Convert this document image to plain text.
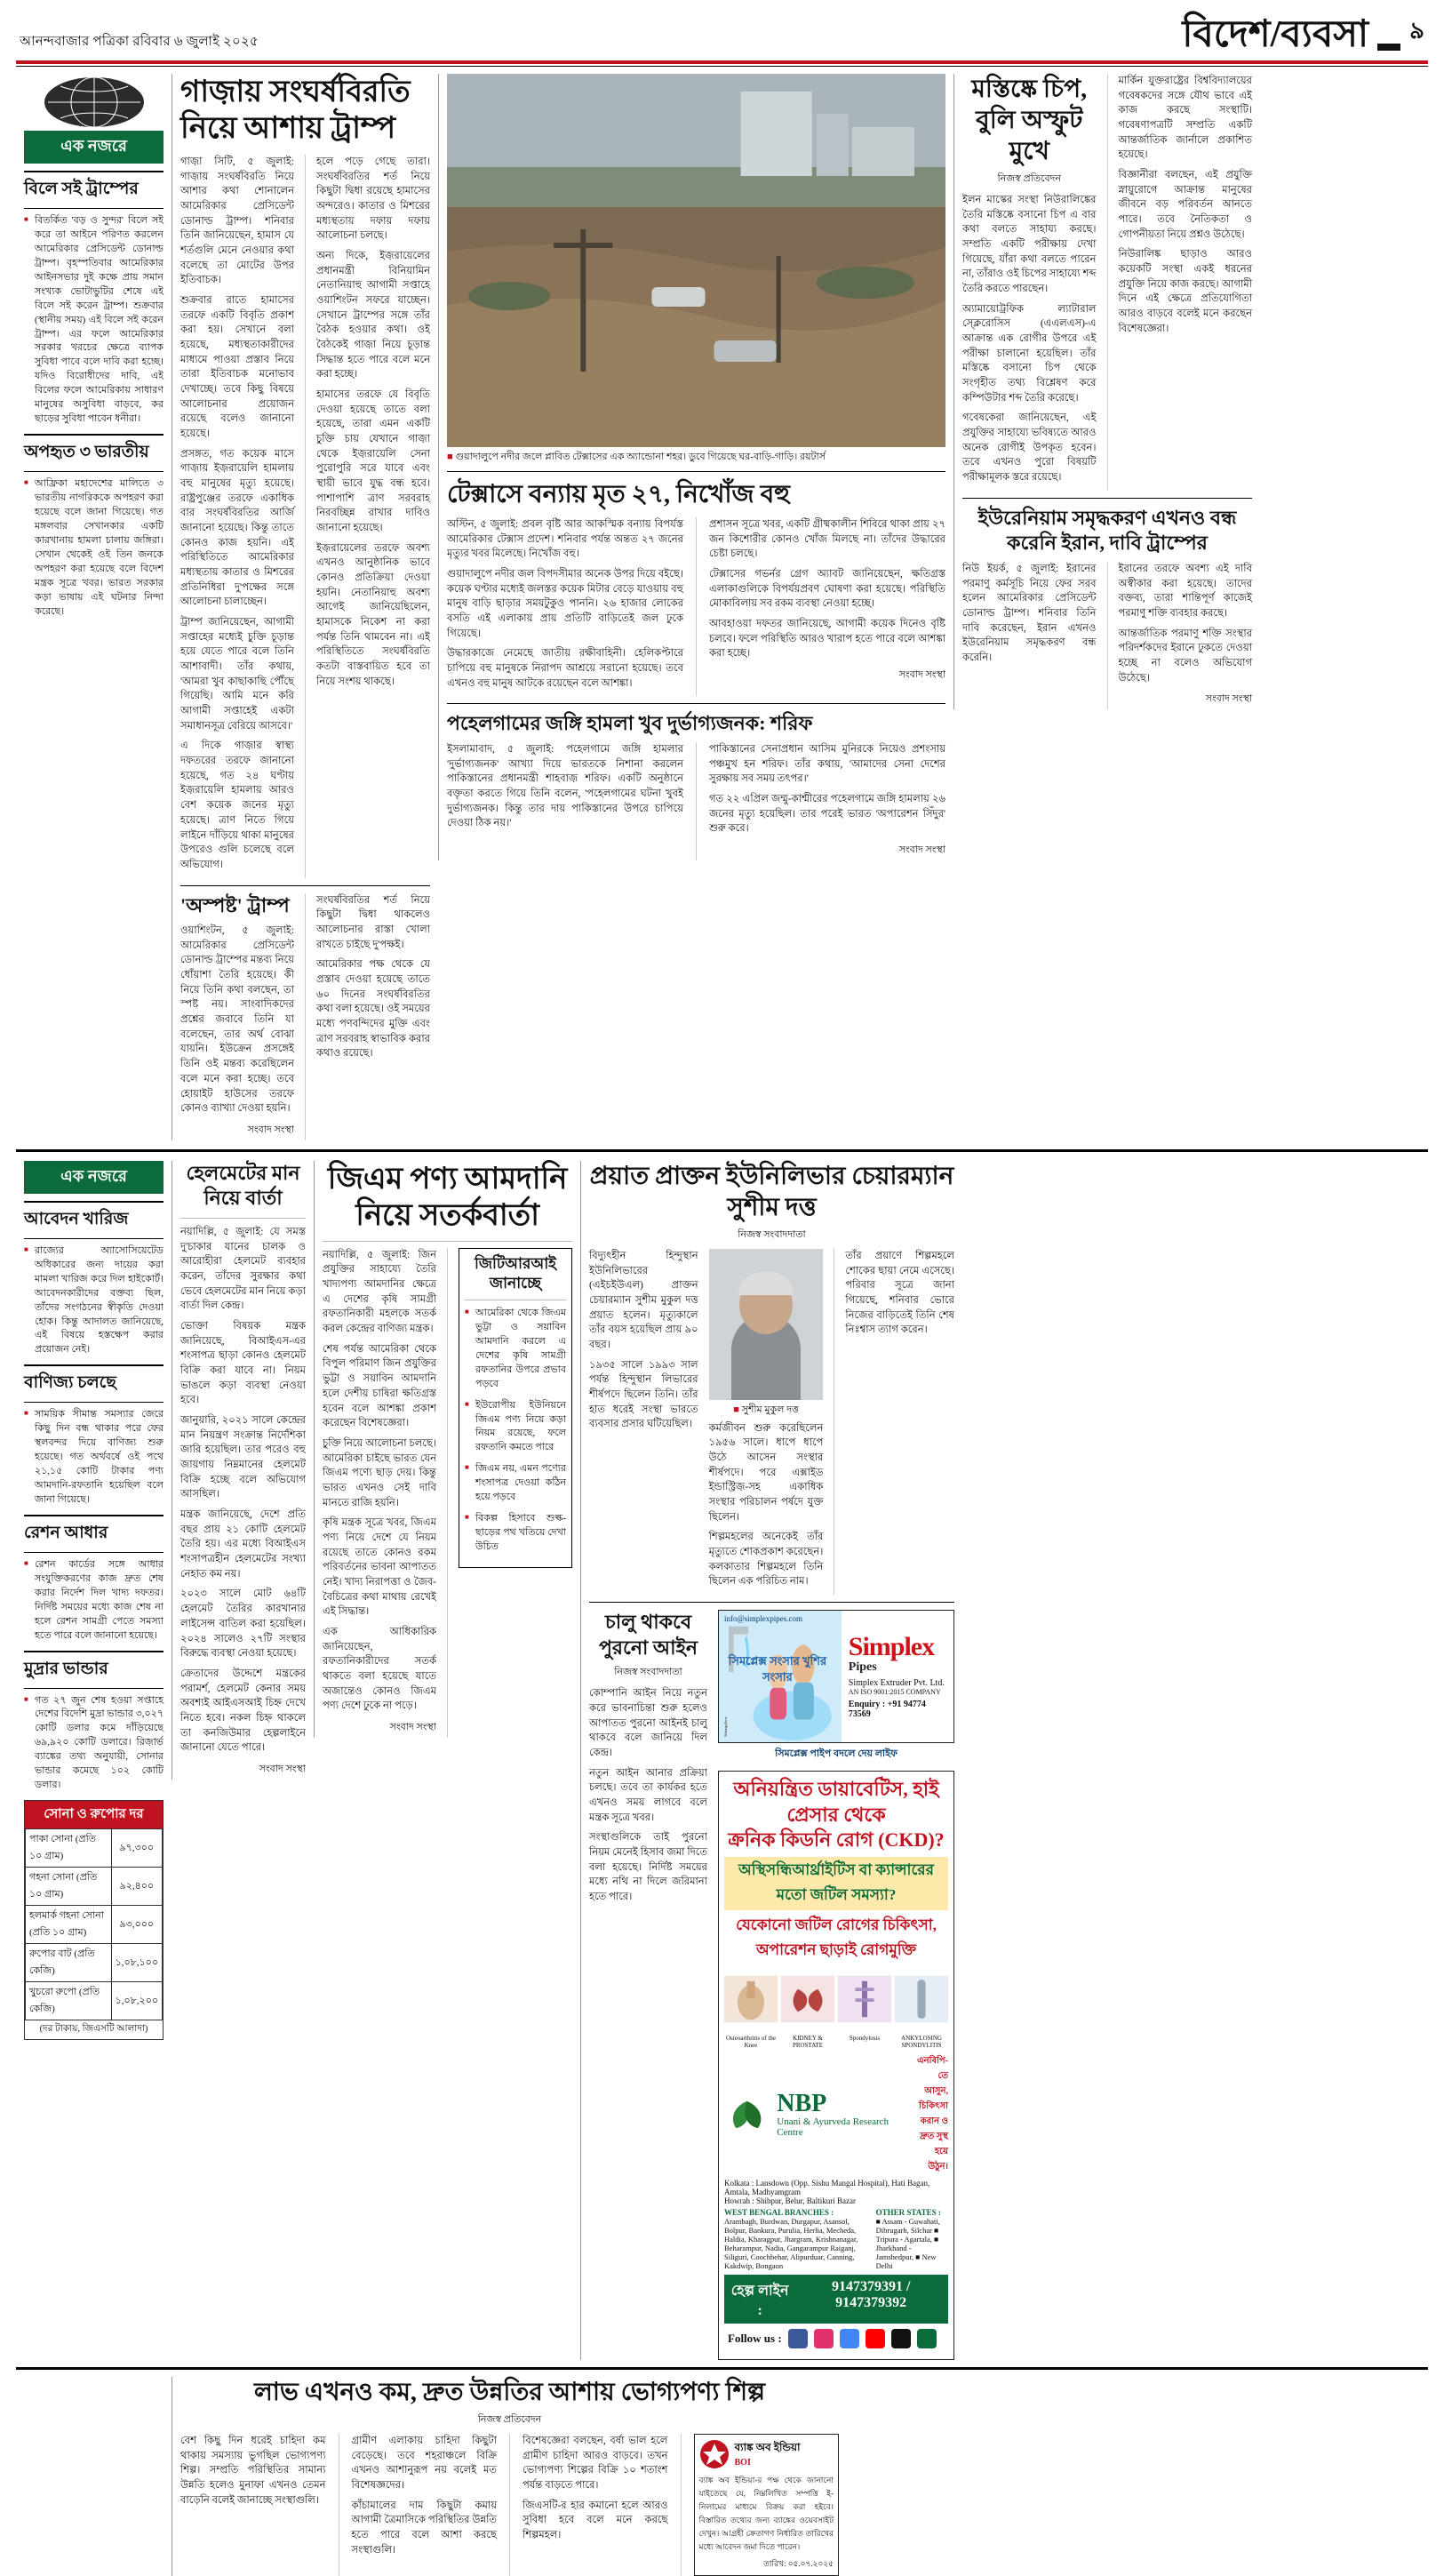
আনন্দবাজার পত্রিকা রবিবার ৬ জুলাই ২০২৫	বিদেশ/ব্যবসা ৯
এক নজরে
বিলে সই ট্রাম্পের
■ বিতর্কিত 'বড় ও সুন্দর' বিলে সই করে তা আইনে পরিণত করলেন আমেরিকার প্রেসিডেন্ট ডোনাল্ড ট্রাম্প। বৃহস্পতিবার আমেরিকার আইনসভার দুই কক্ষে প্রায় সমান সংখ্যক ভোটাভুটির শেষে এই বিলে সই করেন ট্রাম্প। শুক্রবার (স্থানীয় সময়) এই বিলে সই করেন ট্রাম্প। এর ফলে আমেরিকার সরকার খরচের ক্ষেত্রে ব্যাপক সুবিধা পাবে বলে দাবি করা হচ্ছে। যদিও বিরোধীদের দাবি, এই বিলের ফলে আমেরিকায় সাধারণ মানুষের অসুবিধা বাড়বে, কর ছাড়ের সুবিধা পাবেন ধনীরা।
অপহৃত ৩ ভারতীয়
■ আফ্রিকা মহাদেশের মালিতে ৩ ভারতীয় নাগরিককে অপহরণ করা হয়েছে বলে জানা গিয়েছে। গত মঙ্গলবার সেখানকার একটি কারখানায় হামলা চালায় জঙ্গিরা। সেখান থেকেই ওই তিন জনকে অপহরণ করা হয়েছে বলে বিদেশ মন্ত্রক সূত্রে খবর। ভারত সরকার কড়া ভাষায় এই ঘটনার নিন্দা করেছে।
গাজ়ায় সংঘর্ষবিরতি নিয়ে আশায় ট্রাম্প

গাজ়া সিটি, ৫ জুলাই: গাজ়ায় সংঘর্ষবিরতি নিয়ে আশার কথা শোনালেন আমেরিকার প্রেসিডেন্ট ডোনাল্ড ট্রাম্প। শনিবার তিনি জানিয়েছেন, হামাস যে শর্তগুলি মেনে নেওয়ার কথা বলেছে তা মোটের উপর ইতিবাচক।

শুক্রবার রাতে হামাসের তরফে একটি বিবৃতি প্রকাশ করা হয়। সেখানে বলা হয়েছে, মধ্যস্থতাকারীদের মাধ্যমে পাওয়া প্রস্তাব নিয়ে তারা ইতিবাচক মনোভাব দেখাচ্ছে। তবে কিছু বিষয়ে আলোচনার প্রয়োজন রয়েছে বলেও জানানো হয়েছে।

প্রসঙ্গত, গত কয়েক মাসে গাজ়ায় ইজ়রায়েলি হামলায় বহু মানুষের মৃত্যু হয়েছে। রাষ্ট্রপুঞ্জের তরফে একাধিক বার সংঘর্ষবিরতির আর্জি জানানো হয়েছে। কিন্তু তাতে কোনও কাজ হয়নি। এই পরিস্থিতিতে আমেরিকার মধ্যস্থতায় কাতার ও মিশরের প্রতিনিধিরা দু'পক্ষের সঙ্গে আলোচনা চালাচ্ছেন।

ট্রাম্প জানিয়েছেন, আগামী সপ্তাহের মধ্যেই চুক্তি চূড়ান্ত হয়ে যেতে পারে বলে তিনি আশাবাদী। তাঁর কথায়, 'আমরা খুব কাছাকাছি পৌঁছে গিয়েছি। আমি মনে করি আগামী সপ্তাহেই একটা সমাধানসূত্র বেরিয়ে আসবে।'

এ দিকে গাজ়ার স্বাস্থ্য দফতরের তরফে জানানো হয়েছে, গত ২৪ ঘণ্টায় ইজ়রায়েলি হামলায় আরও বেশ কয়েক জনের মৃত্যু হয়েছে। ত্রাণ নিতে গিয়ে লাইনে দাঁড়িয়ে থাকা মানুষের উপরেও গুলি চলেছে বলে অভিযোগ।

হলে পড়ে গেছে তারা। সংঘর্ষবিরতির শর্ত নিয়ে কিছুটা দ্বিধা রয়েছে হামাসের অন্দরেও। কাতার ও মিশরের মধ্যস্থতায় দফায় দফায় আলোচনা চলছে।

অন্য দিকে, ইজ়রায়েলের প্রধানমন্ত্রী বিনিয়ামিন নেতানিয়াহু আগামী সপ্তাহে ওয়াশিংটন সফরে যাচ্ছেন। সেখানে ট্রাম্পের সঙ্গে তাঁর বৈঠক হওয়ার কথা। ওই বৈঠকেই গাজ়া নিয়ে চূড়ান্ত সিদ্ধান্ত হতে পারে বলে মনে করা হচ্ছে।

হামাসের তরফে যে বিবৃতি দেওয়া হয়েছে তাতে বলা হয়েছে, তারা এমন একটি চুক্তি চায় যেখানে গাজ়া থেকে ইজ়রায়েলি সেনা পুরোপুরি সরে যাবে এবং স্থায়ী ভাবে যুদ্ধ বন্ধ হবে। পাশাপাশি ত্রাণ সরবরাহ নিরবচ্ছিন্ন রাখার দাবিও জানানো হয়েছে।

ইজ়রায়েলের তরফে অবশ্য এখনও আনুষ্ঠানিক ভাবে কোনও প্রতিক্রিয়া দেওয়া হয়নি। নেতানিয়াহু অবশ্য আগেই জানিয়েছিলেন, হামাসকে নিকেশ না করা পর্যন্ত তিনি থামবেন না। এই পরিস্থিতিতে সংঘর্ষবিরতি কতটা বাস্তবায়িত হবে তা নিয়ে সংশয় থাকছে।

'অস্পষ্ট' ট্রাম্প

ওয়াশিংটন, ৫ জুলাই: আমেরিকার প্রেসিডেন্ট ডোনাল্ড ট্রাম্পের মন্তব্য নিয়ে ধোঁয়াশা তৈরি হয়েছে। কী নিয়ে তিনি কথা বলছেন, তা স্পষ্ট নয়। সাংবাদিকদের প্রশ্নের জবাবে তিনি যা বলেছেন, তার অর্থ বোঝা যায়নি। ইউক্রেন প্রসঙ্গেই তিনি ওই মন্তব্য করেছিলেন বলে মনে করা হচ্ছে। তবে হোয়াইট হাউসের তরফে কোনও ব্যাখ্যা দেওয়া হয়নি।

সংবাদ সংস্থা

সংঘর্ষবিরতির শর্ত নিয়ে কিছুটা দ্বিধা থাকলেও আলোচনার রাস্তা খোলা রাখতে চাইছে দু'পক্ষই।

আমেরিকার পক্ষ থেকে যে প্রস্তাব দেওয়া হয়েছে তাতে ৬০ দিনের সংঘর্ষবিরতির কথা বলা হয়েছে। ওই সময়ের মধ্যে পণবন্দিদের মুক্তি এবং ত্রাণ সরবরাহ স্বাভাবিক করার কথাও রয়েছে।

■ গুয়াদালুপে নদীর জলে প্লাবিত টেক্সাসের এক অ্যান্ডোনা শহর। ডুবে গিয়েছে ঘর-বাড়ি-গাড়ি। রয়টার্স
টেক্সাসে বন্যায় মৃত ২৭, নিখোঁজ বহু

অস্টিন, ৫ জুলাই: প্রবল বৃষ্টি আর আকস্মিক বন্যায় বিপর্যস্ত আমেরিকার টেক্সাস প্রদেশ। শনিবার পর্যন্ত অন্তত ২৭ জনের মৃত্যুর খবর মিলেছে। নিখোঁজ বহু।

গুয়াদালুপে নদীর জল বিপদসীমার অনেক উপর দিয়ে বইছে। কয়েক ঘণ্টার মধ্যেই জলস্তর কয়েক মিটার বেড়ে যাওয়ায় বহু মানুষ বাড়ি ছাড়ার সময়টুকুও পাননি। ২৬ হাজার লোকের বসতি এই এলাকায় প্রায় প্রতিটি বাড়িতেই জল ঢুকে গিয়েছে।

উদ্ধারকাজে নেমেছে জাতীয় রক্ষীবাহিনী। হেলিকপ্টারে চাপিয়ে বহু মানুষকে নিরাপদ আশ্রয়ে সরানো হয়েছে। তবে এখনও বহু মানুষ আটকে রয়েছেন বলে আশঙ্কা।

প্রশাসন সূত্রে খবর, একটি গ্রীষ্মকালীন শিবিরে থাকা প্রায় ২৭ জন কিশোরীর কোনও খোঁজ মিলছে না। তাঁদের উদ্ধারের চেষ্টা চলছে।

টেক্সাসের গভর্নর গ্রেগ অ্যাবট জানিয়েছেন, ক্ষতিগ্রস্ত এলাকাগুলিকে বিপর্যয়প্রবণ ঘোষণা করা হয়েছে। পরিস্থিতি মোকাবিলায় সব রকম ব্যবস্থা নেওয়া হচ্ছে।

আবহাওয়া দফতর জানিয়েছে, আগামী কয়েক দিনেও বৃষ্টি চলবে। ফলে পরিস্থিতি আরও খারাপ হতে পারে বলে আশঙ্কা করা হচ্ছে।

সংবাদ সংস্থা
পহেলগামের জঙ্গি হামলা খুব দুর্ভাগ্যজনক: শরিফ

ইসলামাবাদ, ৫ জুলাই: পহেলগামে জঙ্গি হামলার 'দুর্ভাগ্যজনক' আখ্যা দিয়ে ভারতকে নিশানা করলেন পাকিস্তানের প্রধানমন্ত্রী শাহবাজ় শরিফ। একটি অনুষ্ঠানে বক্তৃতা করতে গিয়ে তিনি বলেন, 'পহেলগামের ঘটনা খুবই দুর্ভাগ্যজনক। কিন্তু তার দায় পাকিস্তানের উপরে চাপিয়ে দেওয়া ঠিক নয়।'

পাকিস্তানের সেনাপ্রধান আসিম মুনিরকে নিয়েও প্রশংসায় পঞ্চমুখ হন শরিফ। তাঁর কথায়, 'আমাদের সেনা দেশের সুরক্ষায় সব সময় তৎপর।'

গত ২২ এপ্রিল জম্মু-কাশ্মীরের পহেলগামে জঙ্গি হামলায় ২৬ জনের মৃত্যু হয়েছিল। তার পরেই ভারত 'অপারেশন সিঁদুর' শুরু করে।

সংবাদ সংস্থা
মস্তিষ্কে চিপ, বুলি অস্ফুট মুখে
নিজস্ব প্রতিবেদন

ইলন মাস্কের সংস্থা নিউরালিঙ্কের তৈরি মস্তিষ্কে বসানো চিপ এ বার কথা বলতে সাহায্য করছে। সম্প্রতি একটি পরীক্ষায় দেখা গিয়েছে, যাঁরা কথা বলতে পারেন না, তাঁরাও ওই চিপের সাহায্যে শব্দ তৈরি করতে পারছেন।

অ্যামায়োট্রফিক ল্যাটারাল স্ক্লেরোসিস (এএলএস)-এ আক্রান্ত এক রোগীর উপরে এই পরীক্ষা চালানো হয়েছিল। তাঁর মস্তিষ্কে বসানো চিপ থেকে সংগৃহীত তথ্য বিশ্লেষণ করে কম্পিউটার শব্দ তৈরি করেছে।

গবেষকেরা জানিয়েছেন, এই প্রযুক্তির সাহায্যে ভবিষ্যতে আরও অনেক রোগীই উপকৃত হবেন। তবে এখনও পুরো বিষয়টি পরীক্ষামূলক স্তরে রয়েছে।

মার্কিন যুক্তরাষ্ট্রের বিশ্ববিদ্যালয়ের গবেষকদের সঙ্গে যৌথ ভাবে এই কাজ করছে সংস্থাটি। গবেষণাপত্রটি সম্প্রতি একটি আন্তর্জাতিক জার্নালে প্রকাশিত হয়েছে।

বিজ্ঞানীরা বলছেন, এই প্রযুক্তি স্নায়ুরোগে আক্রান্ত মানুষের জীবনে বড় পরিবর্তন আনতে পারে। তবে নৈতিকতা ও গোপনীয়তা নিয়ে প্রশ্নও উঠেছে।

নিউরালিঙ্ক ছাড়াও আরও কয়েকটি সংস্থা একই ধরনের প্রযুক্তি নিয়ে কাজ করছে। আগামী দিনে এই ক্ষেত্রে প্রতিযোগিতা আরও বাড়বে বলেই মনে করছেন বিশেষজ্ঞেরা।

ইউরেনিয়াম সমৃদ্ধকরণ এখনও বন্ধ করেনি ইরান, দাবি ট্রাম্পের

নিউ ইয়র্ক, ৫ জুলাই: ইরানের পরমাণু কর্মসূচি নিয়ে ফের সরব হলেন আমেরিকার প্রেসিডেন্ট ডোনাল্ড ট্রাম্প। শনিবার তিনি দাবি করেছেন, ইরান এখনও ইউরেনিয়াম সমৃদ্ধকরণ বন্ধ করেনি।

ইরানের তরফে অবশ্য এই দাবি অস্বীকার করা হয়েছে। তাদের বক্তব্য, তারা শান্তিপূর্ণ কাজেই পরমাণু শক্তি ব্যবহার করছে।

আন্তর্জাতিক পরমাণু শক্তি সংস্থার পরিদর্শকদের ইরানে ঢুকতে দেওয়া হচ্ছে না বলেও অভিযোগ উঠেছে।

সংবাদ সংস্থা
এক নজরে
আবেদন খারিজ
■ রাজ্যের অ্যাসোসিয়েটেড অধিকারের জন্য দায়ের করা মামলা খারিজ করে দিল হাইকোর্ট। আবেদনকারীদের বক্তব্য ছিল, তাঁদের সংগঠনের স্বীকৃতি দেওয়া হোক। কিন্তু আদালত জানিয়েছে, এই বিষয়ে হস্তক্ষেপ করার প্রয়োজন নেই।
বাণিজ্য চলছে
■ সাময়িক সীমান্ত সমস্যার জেরে কিছু দিন বন্ধ থাকার পরে ফের স্থলবন্দর দিয়ে বাণিজ্য শুরু হয়েছে। গত অর্থবর্ষে ওই পথে ২১,১৫ কোটি টাকার পণ্য আমদানি-রফতানি হয়েছিল বলে জানা গিয়েছে।
রেশন আধার
■ রেশন কার্ডের সঙ্গে আধার সংযুক্তিকরণের কাজ দ্রুত শেষ করার নির্দেশ দিল খাদ্য দফতর। নির্দিষ্ট সময়ের মধ্যে কাজ শেষ না হলে রেশন সামগ্রী পেতে সমস্যা হতে পারে বলে জানানো হয়েছে।
মুদ্রার ভান্ডার
■ গত ২৭ জুন শেষ হওয়া সপ্তাহে দেশের বিদেশি মুদ্রা ভান্ডার ৩,০২৭ কোটি ডলার কমে দাঁড়িয়েছে ৬৯,৯২০ কোটি ডলারে। রিজ়ার্ভ ব্যাঙ্কের তথ্য অনুযায়ী, সোনার ভান্ডার কমেছে ১০২ কোটি ডলার।
সোনা ও রুপোর দর
পাকা সোনা (প্রতি ১০ গ্রাম)	৯৭,৩০০
গহনা সোনা (প্রতি ১০ গ্রাম)	৯২,৪০০
হলমার্ক গহনা সোনা (প্রতি ১০ গ্রাম)	৯৩,০০০
রুপোর বাট (প্রতি কেজি)	১,০৮,১০০
খুচরো রুপো (প্রতি কেজি)	১,০৮,২০০
(দর টাকায়, জিএসটি আলাদা)
হেলমেটের মান নিয়ে বার্তা

নয়াদিল্লি, ৫ জুলাই: যে সমস্ত দু'চাকার যানের চালক ও আরোহীরা হেলমেট ব্যবহার করেন, তাঁদের সুরক্ষার কথা ভেবে হেলমেটের মান নিয়ে কড়া বার্তা দিল কেন্দ্র।

ভোক্তা বিষয়ক মন্ত্রক জানিয়েছে, বিআইএস-এর শংসাপত্র ছাড়া কোনও হেলমেট বিক্রি করা যাবে না। নিয়ম ভাঙলে কড়া ব্যবস্থা নেওয়া হবে।

জানুয়ারি, ২০২১ সালে কেন্দ্রের মান নিয়ন্ত্রণ সংক্রান্ত নির্দেশিকা জারি হয়েছিল। তার পরেও বহু জায়গায় নিম্নমানের হেলমেট বিক্রি হচ্ছে বলে অভিযোগ আসছিল।

মন্ত্রক জানিয়েছে, দেশে প্রতি বছর প্রায় ২১ কোটি হেলমেট তৈরি হয়। এর মধ্যে বিআইএস শংসাপত্রহীন হেলমেটের সংখ্যা নেহাত কম নয়।

২০২৩ সালে মোট ৬৪টি হেলমেট তৈরির কারখানার লাইসেন্স বাতিল করা হয়েছিল। ২০২৪ সালেও ২৭টি সংস্থার বিরুদ্ধে ব্যবস্থা নেওয়া হয়েছে।

ক্রেতাদের উদ্দেশে মন্ত্রকের পরামর্শ, হেলমেট কেনার সময় অবশ্যই আইএসআই চিহ্ন দেখে নিতে হবে। নকল চিহ্ন থাকলে তা কনজিউমার হেল্পলাইনে জানানো যেতে পারে।

সংবাদ সংস্থা
জিএম পণ্য আমদানি নিয়ে সতর্কবার্তা

নয়াদিল্লি, ৫ জুলাই: জিন প্রযুক্তির সাহায্যে তৈরি খাদ্যপণ্য আমদানির ক্ষেত্রে এ দেশের কৃষি সামগ্রী রফতানিকারী মহলকে সতর্ক করল কেন্দ্রের বাণিজ্য মন্ত্রক।

শেষ পর্যন্ত আমেরিকা থেকে বিপুল পরিমাণ জিন প্রযুক্তির ভুট্টা ও সয়াবিন আমদানি হলে দেশীয় চাষিরা ক্ষতিগ্রস্ত হবেন বলে আশঙ্কা প্রকাশ করেছেন বিশেষজ্ঞেরা।

চুক্তি নিয়ে আলোচনা চলছে। আমেরিকা চাইছে ভারত যেন জিএম পণ্যে ছাড় দেয়। কিন্তু ভারত এখনও সেই দাবি মানতে রাজি হয়নি।

কৃষি মন্ত্রক সূত্রে খবর, জিএম পণ্য নিয়ে দেশে যে নিয়ম রয়েছে তাতে কোনও রকম পরিবর্তনের ভাবনা আপাতত নেই। খাদ্য নিরাপত্তা ও জৈব-বৈচিত্রের কথা মাথায় রেখেই এই সিদ্ধান্ত।

এক আধিকারিক জানিয়েছেন, রফতানিকারীদের সতর্ক থাকতে বলা হয়েছে যাতে অজান্তেও কোনও জিএম পণ্য দেশে ঢুকে না পড়ে।

সংবাদ সংস্থা
জিটিআরআই জানাচ্ছে
■ আমেরিকা থেকে জিএম ভুট্টা ও সয়াবিন আমদানি করলে এ দেশের কৃষি সামগ্রী রফতানির উপরে প্রভাব পড়বে
■ ইউরোপীয় ইউনিয়নে জিএম পণ্য নিয়ে কড়া নিয়ম রয়েছে, ফলে রফতানি কমতে পারে
■ জিএম নয়, এমন পণ্যের শংসাপত্র দেওয়া কঠিন হয়ে পড়বে
■ বিকল্প হিসাবে শুল্ক-ছাড়ের পথ খতিয়ে দেখা উচিত
প্রয়াত প্রাক্তন ইউনিলিভার চেয়ারম্যান সুশীম দত্ত
নিজস্ব সংবাদদাতা

বিদ্যুৎহীন হিন্দুস্থান ইউনিলিভারের (এইচইউএল) প্রাক্তন চেয়ারম্যান সুশীম মুকুল দত্ত প্রয়াত হলেন। মৃত্যুকালে তাঁর বয়স হয়েছিল প্রায় ৯০ বছর।

১৯৩৫ সালে ১৯৯৩ সাল পর্যন্ত হিন্দুস্থান লিভারের শীর্ষপদে ছিলেন তিনি। তাঁর হাত ধরেই সংস্থা ভারতে ব্যবসার প্রসার ঘটিয়েছিল।

■ সুশীম মুকুল দত্ত

কর্মজীবন শুরু করেছিলেন ১৯৫৬ সালে। ধাপে ধাপে উঠে আসেন সংস্থার শীর্ষপদে। পরে এক্সাইড ইন্ডাস্ট্রিজ়-সহ একাধিক সংস্থার পরিচালন পর্ষদে যুক্ত ছিলেন।

শিল্পমহলের অনেকেই তাঁর মৃত্যুতে শোকপ্রকাশ করেছেন। কলকাতার শিল্পমহলে তিনি ছিলেন এক পরিচিত নাম।

তাঁর প্রয়াণে শিল্পমহলে শোকের ছায়া নেমে এসেছে। পরিবার সূত্রে জানা গিয়েছে, শনিবার ভোরে নিজের বাড়িতেই তিনি শেষ নিঃশ্বাস ত্যাগ করেন।

চালু থাকবে পুরনো আইন
নিজস্ব সংবাদদাতা

কোম্পানি আইন নিয়ে নতুন করে ভাবনাচিন্তা শুরু হলেও আপাতত পুরনো আইনই চালু থাকবে বলে জানিয়ে দিল কেন্দ্র।

নতুন আইন আনার প্রক্রিয়া চলছে। তবে তা কার্যকর হতে এখনও সময় লাগবে বলে মন্ত্রক সূত্রে খবর।

সংস্থাগুলিকে তাই পুরনো নিয়ম মেনেই হিসাব জমা দিতে বলা হয়েছে। নির্দিষ্ট সময়ের মধ্যে নথি না দিলে জরিমানা হতে পারে।

info@simplexpipes.com
Simplex
সিমপ্লেক্স সংসার খুশির সংসার
Simplex
Pipes
Simplex Extruder Pvt. Ltd.
AN ISO 9001:2015 COMPANY
Enquiry : +91 94774 73569
সিমপ্লেক্স পাইপ বদলে দেয় লাইফ
অনিয়ন্ত্রিত ডায়াবেটিস, হাই প্রেসার থেকে
ক্রনিক কিডনি রোগ (CKD)?
অস্থিসন্ধিআর্থ্রাইটিস বা ক্যান্সারের মতো জটিল সমস্যা?
যেকোনো জটিল রোগের চিকিৎসা, অপারেশন ছাড়াই রোগমুক্তি
Osteoarthritis of the Knee
KIDNEY & PROSTATE
Spondylosis	ANKYLOSING SPONDYLITIS
NBP
Unani & Ayurveda Research Centre
এনবিপি-তে আসুন, চিকিৎসা করান ও দ্রুত সুস্থ হয়ে উঠুন।
Kolkata : Lansdown (Opp. Sishu Mangal Hospital), Hati Bagan, Amtala, Madhyamgram
Howrah : Shibpur, Belur, Baltikuri Bazar
WEST BENGAL BRANCHES :
Arambagh, Burdwan, Durgapur, Asansol, Bolpur, Bankura, Purulia, Herlia, Mecheda, Haldia, Kharagpur, Jhargram, Krishnanagar, Beharampur, Nadia, Gangarampur Raiganj, Siliguri, Coochbehar, Alipurduar, Canning, Kakdwip, Bongaon
OTHER STATES :
■ Assam - Guwahati, Dibrugarh, Silchar ■ Tripura - Agartala, ■ Jharkhand - Jamshedpur, ■ New Delhi
হেল্প লাইন :
9147379391 / 9147379392
Follow us :
লাভ এখনও কম, দ্রুত উন্নতির আশায় ভোগ্যপণ্য শিল্প
নিজস্ব প্রতিবেদন

বেশ কিছু দিন ধরেই চাহিদা কম থাকায় সমস্যায় ভুগছিল ভোগ্যপণ্য শিল্প। সম্প্রতি পরিস্থিতির সামান্য উন্নতি হলেও মুনাফা এখনও তেমন বাড়েনি বলেই জানাচ্ছে সংস্থাগুলি।

গ্রামীণ এলাকায় চাহিদা কিছুটা বেড়েছে। তবে শহরাঞ্চলে বিক্রি এখনও আশানুরূপ নয় বলেই মত বিশেষজ্ঞদের।

কাঁচামালের দাম কিছুটা কমায় আগামী ত্রৈমাসিকে পরিস্থিতির উন্নতি হতে পারে বলে আশা করছে সংস্থাগুলি।

বিশেষজ্ঞেরা বলছেন, বর্ষা ভাল হলে গ্রামীণ চাহিদা আরও বাড়বে। তখন ভোগ্যপণ্য শিল্পের বিক্রি ১০ শতাংশ পর্যন্ত বাড়তে পারে।

জিএসটি-র হার কমানো হলে আরও সুবিধা হবে বলে মনে করছে শিল্পমহল।

ব্যাঙ্ক অব ইন্ডিয়া
BOI
ব্যাঙ্ক অব ইন্ডিয়া-র পক্ষ থেকে জানানো যাইতেছে যে, নিম্নলিখিত সম্পত্তি ই-নিলামের মাধ্যমে বিক্রয় করা হইবে। বিস্তারিত তথ্যের জন্য ব্যাঙ্কের ওয়েবসাইট দেখুন। আগ্রহী ক্রেতাগণ নির্ধারিত তারিখের মধ্যে আবেদন জমা দিতে পারেন।
তারিখ: ০৫.০৭.২০২৫
